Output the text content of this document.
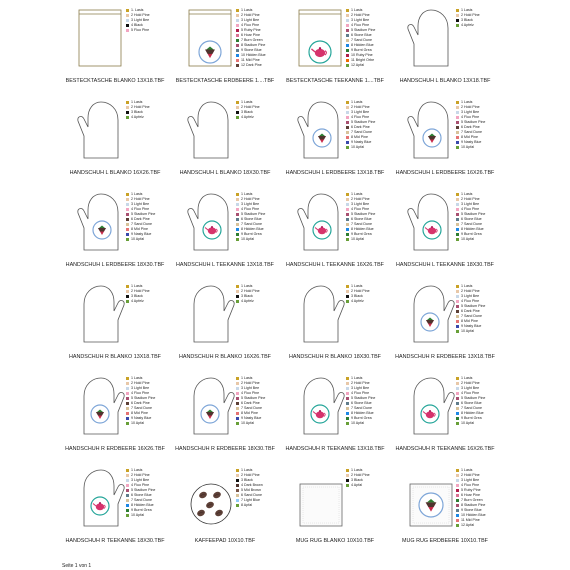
1. Lasis
2 Hold Pine
3 Light Bee
4 Black
5 Fluo Pine
BESTECKTASCHE BLANKO 13X18.TBF
1 Lasis
2 Hold Pine
3 Light Bee
4 Fluo Pine
5 Ruby Pine
6 Hoar Pine
7 Burn Green
8 Stadium Pine
9 Stone Blue
10 Hidden Blue
11 Mid Pine
12 Dark Pine
BESTECKTASCHE ERDBEERE 1....TBF
1 Lasis
2 Hold Pine
3 Light Bee
4 Fluo Pine
5 Stadium Pine
6 Stone Blue
7 Sand Dune
8 Hidden Blue
9 Burnt Grea
10 Ruby Pine
11 Bright Orbe
12 Apfal
BESTECKTASCHE TEEKANNE 1....TBF
1 Lasis
2 Hold Pine
3 Black
4 Apfelz
HANDSCHUH L BLANKO 13X18.TBF
1 Lasis
2 Hold Pine
3 Black
4 Apfelz
HANDSCHUH L BLANKO 16X26.TBF
1 Lasis
2 Hold Pine
3 Black
4 Apfelz
HANDSCHUH L BLANKO 18X30.TBF
1 Lasis
2 Hold Pine
3 Light Bee
4 Fluo Pine
5 Stadium Pine
6 Dark Pine
7 Sand Dune
8 Mid Pine
9 Nasty Blue
10 Apfal
HANDSCHUH L ERDBEERE 13X18.TBF
1 Lasis
2 Hold Pine
3 Light Bee
4 Fluo Pine
5 Stadium Pine
6 Dark Pine
7 Sand Dune
8 Mid Pine
9 Nasty Blue
10 Apfal
HANDSCHUH L ERDBEERE 16X26.TBF
1 Lasis
2 Hold Pine
3 Light Bee
4 Fluo Pine
5 Stadium Pine
6 Dark Pine
7 Sand Dune
8 Mid Pine
9 Nasty Blue
10 Apfal
HANDSCHUH L ERDBEERE 18X30.TBF
1 Lasis
2 Hold Pine
3 Light Bee
4 Fluo Pine
5 Stadium Pine
6 Stone Blue
7 Sand Dune
8 Hidden Blue
9 Burnt Grea
10 Apfal
HANDSCHUH L TEEKANNE 13X18.TBF
1 Lasis
2 Hold Pine
3 Light Bee
4 Fluo Pine
5 Stadium Pine
6 Stone Blue
7 Sand Dune
8 Hidden Blue
9 Burnt Grea
10 Apfal
HANDSCHUH L TEEKANNE 16X26.TBF
1 Lasis
2 Hold Pine
3 Light Bee
4 Fluo Pine
5 Stadium Pine
6 Stone Blue
7 Sand Dune
8 Hidden Blue
9 Burnt Grea
10 Apfal
HANDSCHUH L TEEKANNE 18X30.TBF
1 Lasis
2 Hold Pine
3 Black
4 Apfelz
HANDSCHUH R BLANKO 13X18.TBF
1 Lasis
2 Hold Pine
3 Black
4 Apfelz
HANDSCHUH R BLANKO 16X26.TBF
1 Lasis
2 Hold Pine
3 Black
4 Apfelz
HANDSCHUH R BLANKO 18X30.TBF
1 Lasis
2 Hold Pine
3 Light Bee
4 Fluo Pine
5 Stadium Pine
6 Dark Pine
7 Sand Dune
8 Mid Pine
9 Nasty Blue
10 Apfal
HANDSCHUH R ERDBEERE 13X18.TBF
1 Lasis
2 Hold Pine
3 Light Bee
4 Fluo Pine
5 Stadium Pine
6 Dark Pine
7 Sand Dune
8 Mid Pine
9 Nasty Blue
10 Apfal
HANDSCHUH R ERDBEERE 16X26.TBF
1 Lasis
2 Hold Pine
3 Light Bee
4 Fluo Pine
5 Stadium Pine
6 Dark Pine
7 Sand Dune
8 Mid Pine
9 Nasty Blue
10 Apfal
HANDSCHUH R ERDBEERE 18X30.TBF
1 Lasis
2 Hold Pine
3 Light Bee
4 Fluo Pine
5 Stadium Pine
6 Stone Blue
7 Sand Dune
8 Hidden Blue
9 Burnt Grea
10 Apfal
HANDSCHUH R TEEKANNE 13X18.TBF
1 Lasis
2 Hold Pine
3 Light Bee
4 Fluo Pine
5 Stadium Pine
6 Stone Blue
7 Sand Dune
8 Hidden Blue
9 Burnt Grea
10 Apfal
HANDSCHUH R TEEKANNE 16X26.TBF
1 Lasis
2 Hold Pine
3 Light Bee
4 Fluo Pine
5 Stadium Pine
6 Stone Blue
7 Sand Dune
8 Hidden Blue
9 Burnt Grea
10 Apfal
HANDSCHUH R TEEKANNE 18X30.TBF
1 Lasis
2 Hold Pine
3 Black
4 Dark Brown
5 Mid Brown
6 Sand Dune
7 Light Blue
8 Apfal
KAFFEEPAD 10X10.TBF
1 Lasis
2 Hold Pine
3 Black
4 Apfal
MUG RUG BLANKO 10X10.TBF
1 Lasis
2 Hold Pine
3 Light Bee
4 Fluo Pine
5 Ruby Pine
6 Hoar Pine
7 Burn Green
8 Stadium Pine
9 Stone Blue
10 Hidden Blue
11 Mid Pine
12 Apfal
MUG RUG ERDBEERE 10X10.TBF
Seite 1 von 1
